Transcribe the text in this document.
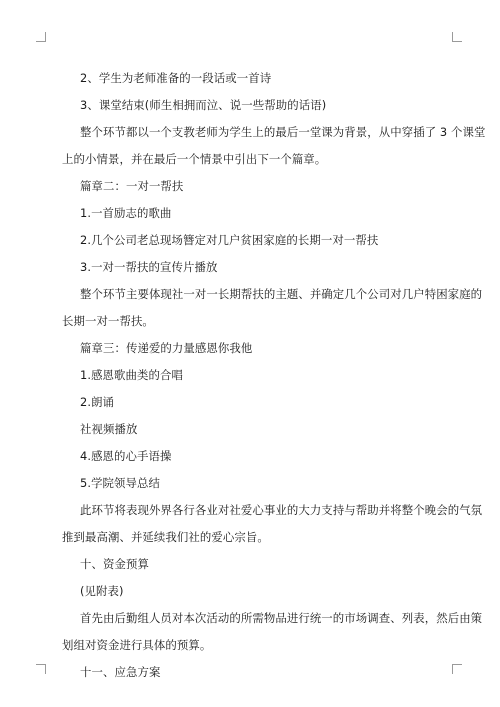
2、学生为老师准备的一段话或一首诗
3、课堂结束(师生相拥而泣、说一些帮助的话语)
整个环节都以一个支教老师为学生上的最后一堂课为背景，从中穿插了 3 个课堂
上的小情景，并在最后一个情景中引出下一个篇章。
篇章二：一对一帮扶
1.一首励志的歌曲
2.几个公司老总现场簪定对几户贫困家庭的长期一对一帮扶
3.一对一帮扶的宣传片播放
整个环节主要体现社一对一长期帮扶的主题、并确定几个公司对几户特困家庭的
长期一对一帮扶。
篇章三：传递爱的力量感恩你我他
1.感恩歌曲类的合唱
2.朗诵
社视频播放
4.感恩的心手语操
5.学院领导总结
此环节将表现外界各行各业对社爱心事业的大力支持与帮助并将整个晚会的气氛
推到最高潮、并延续我们社的爱心宗旨。
十、资金预算
(见附表)
首先由后勤组人员对本次活动的所需物品进行统一的市场调查、列表，然后由策
划组对资金进行具体的预算。
十一、应急方案
